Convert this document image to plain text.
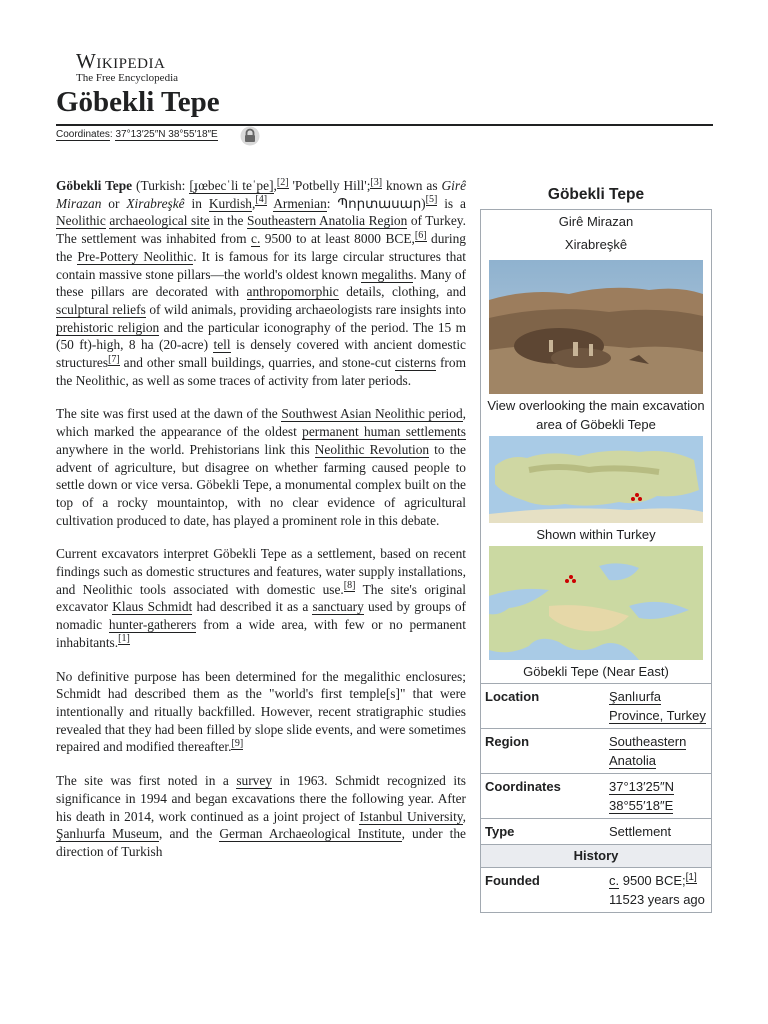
Wikipedia
The Free Encyclopedia
Göbekli Tepe
Coordinates: 37°13′25″N 38°55′18″E

Göbekli Tepe (Turkish: [ɟœbecˈli teˈpe],[2] 'Potbelly Hill';[3] known as Girê Mirazan or Xirabreşkê in Kurdish,[4] Armenian: Պորտասար)[5] is a Neolithic archaeological site in the Southeastern Anatolia Region of Turkey. The settlement was inhabited from c. 9500 to at least 8000 BCE,[6] during the Pre-Pottery Neolithic. It is famous for its large circular structures that contain massive stone pillars—the world's oldest known megaliths. Many of these pillars are decorated with anthropomorphic details, clothing, and sculptural reliefs of wild animals, providing archaeologists rare insights into prehistoric religion and the particular iconography of the period. The 15 m (50 ft)-high, 8 ha (20-acre) tell is densely covered with ancient domestic structures[7] and other small buildings, quarries, and stone-cut cisterns from the Neolithic, as well as some traces of activity from later periods.

The site was first used at the dawn of the Southwest Asian Neolithic period, which marked the appearance of the oldest permanent human settlements anywhere in the world. Prehistorians link this Neolithic Revolution to the advent of agriculture, but disagree on whether farming caused people to settle down or vice versa. Göbekli Tepe, a monumental complex built on the top of a rocky mountaintop, with no clear evidence of agricultural cultivation produced to date, has played a prominent role in this debate.

Current excavators interpret Göbekli Tepe as a settlement, based on recent findings such as domestic structures and features, water supply installations, and Neolithic tools associated with domestic use.[8] The site's original excavator Klaus Schmidt had described it as a sanctuary used by groups of nomadic hunter-gatherers from a wide area, with few or no permanent inhabitants.[1]

No definitive purpose has been determined for the megalithic enclosures; Schmidt had described them as the "world's first temple[s]" that were intentionally and ritually backfilled. However, recent stratigraphic studies revealed that they had been filled by slope slide events, and were sometimes repaired and modified thereafter.[9]

The site was first noted in a survey in 1963. Schmidt recognized its significance in 1994 and began excavations there the following year. After his death in 2014, work continued as a joint project of Istanbul University, Şanlıurfa Museum, and the German Archaeological Institute, under the direction of Turkish

Göbekli Tepe
Girê Mirazan
Xirabreşkê
View overlooking the main excavation area of Göbekli Tepe
Shown within Turkey
Göbekli Tepe (Near East)
Location	Şanlıurfa Province, Turkey
Region	Southeastern Anatolia
Coordinates	37°13′25″N 38°55′18″E
Type	Settlement
History
Founded	c. 9500 BCE;[1]
11523 years ago
